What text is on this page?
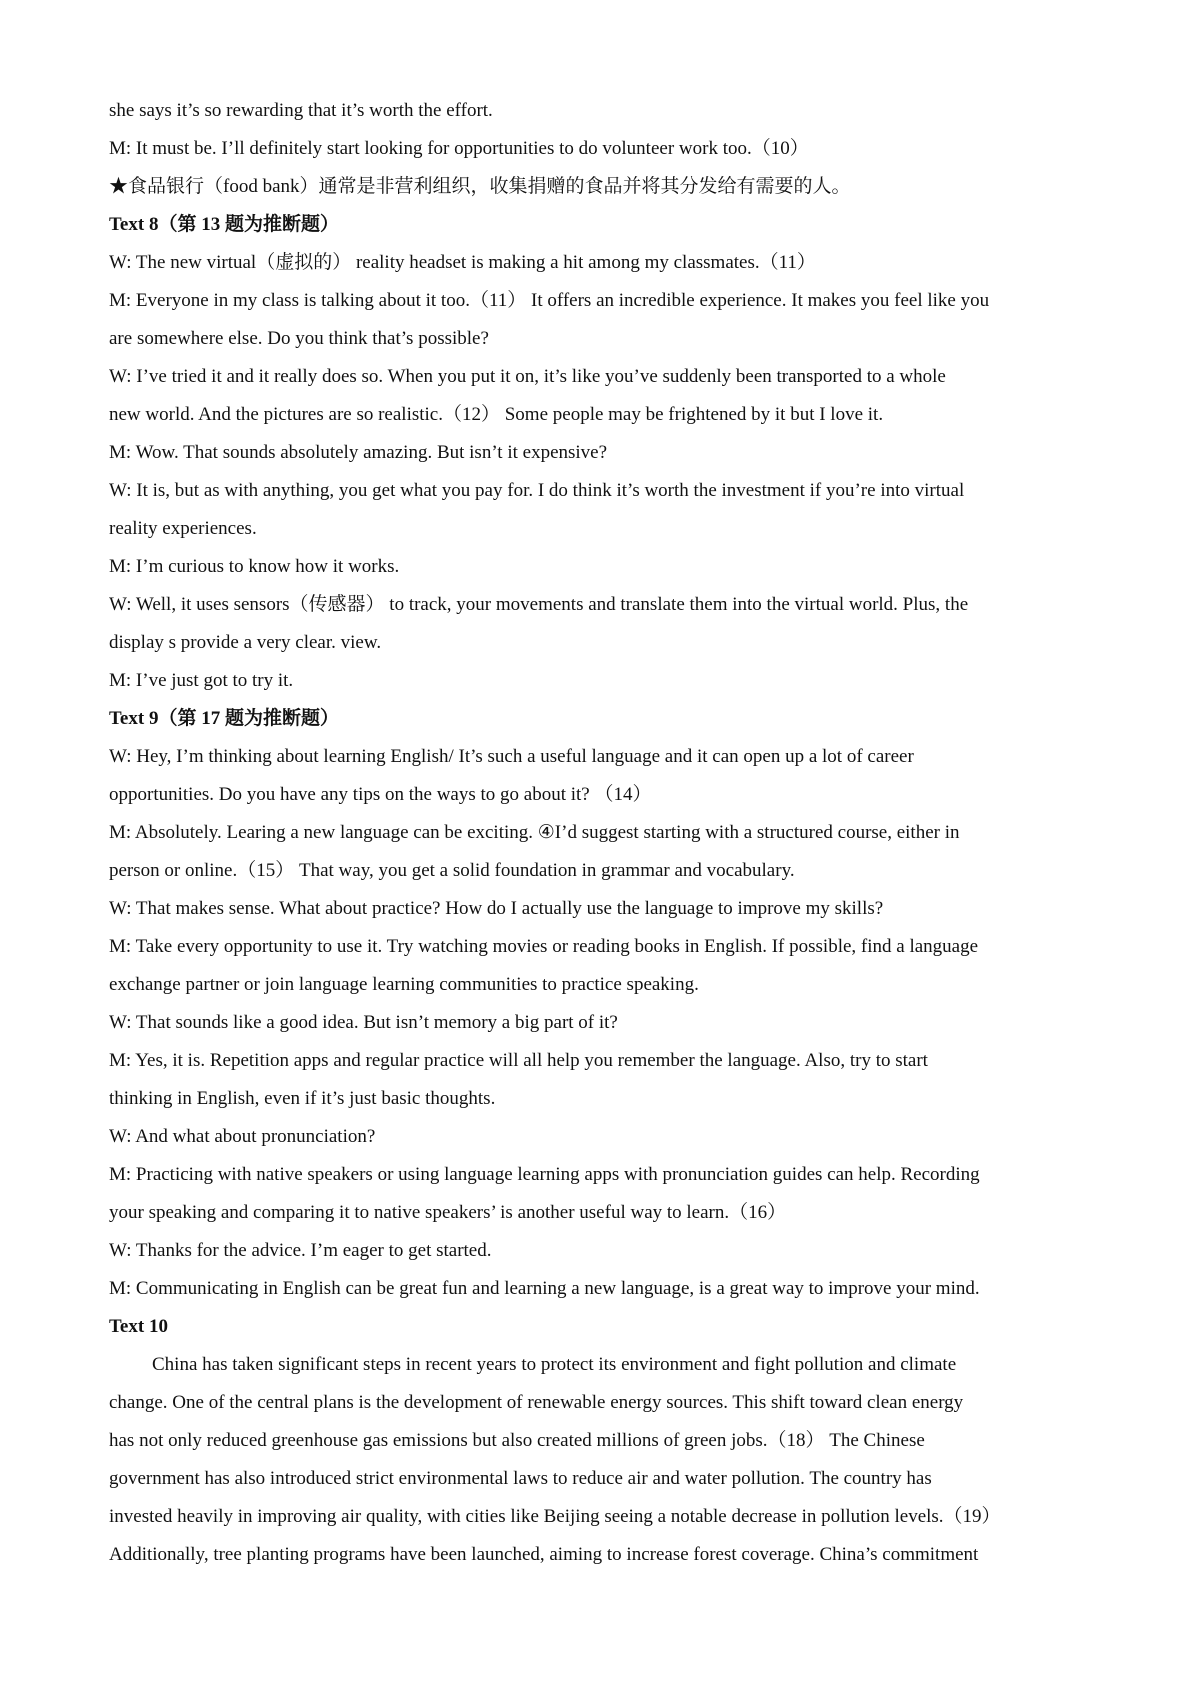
she says it’s so rewarding that it’s worth the effort.
M: It must be. I’ll definitely start looking for opportunities to do volunteer work too.（10）
★食品银行（food bank）通常是非营利组织，收集捐赠的食品并将其分发给有需要的人。
Text 8（第 13 题为推断题）
W: The new virtual（虚拟的） reality headset is making a hit among my classmates.（11）
M: Everyone in my class is talking about it too.（11） It offers an incredible experience. It makes you feel like you
are somewhere else. Do you think that’s possible?
W: I’ve tried it and it really does so. When you put it on, it’s like you’ve suddenly been transported to a whole
new world. And the pictures are so realistic.（12） Some people may be frightened by it but I love it.
M: Wow. That sounds absolutely amazing. But isn’t it expensive?
W: It is, but as with anything, you get what you pay for. I do think it’s worth the investment if you’re into virtual
reality experiences.
M: I’m curious to know how it works.
W: Well, it uses sensors（传感器） to track, your movements and translate them into the virtual world. Plus, the
display s provide a very clear. view.
M: I’ve just got to try it.
Text 9（第 17 题为推断题）
W: Hey, I’m thinking about learning English/ It’s such a useful language and it can open up a lot of career
opportunities. Do you have any tips on the ways to go about it? （14）
M: Absolutely. Learing a new language can be exciting. ④I’d suggest starting with a structured course, either in
person or online.（15） That way, you get a solid foundation in grammar and vocabulary.
W: That makes sense. What about practice? How do I actually use the language to improve my skills?
M: Take every opportunity to use it. Try watching movies or reading books in English. If possible, find a language
exchange partner or join language learning communities to practice speaking.
W: That sounds like a good idea. But isn’t memory a big part of it?
M: Yes, it is. Repetition apps and regular practice will all help you remember the language. Also, try to start
thinking in English, even if it’s just basic thoughts.
W: And what about pronunciation?
M: Practicing with native speakers or using language learning apps with pronunciation guides can help. Recording
your speaking and comparing it to native speakers’ is another useful way to learn.（16）
W: Thanks for the advice. I’m eager to get started.
M: Communicating in English can be great fun and learning a new language, is a great way to improve your mind.
Text 10
China has taken significant steps in recent years to protect its environment and fight pollution and climate
change. One of the central plans is the development of renewable energy sources. This shift toward clean energy
has not only reduced greenhouse gas emissions but also created millions of green jobs.（18） The Chinese
government has also introduced strict environmental laws to reduce air and water pollution. The country has
invested heavily in improving air quality, with cities like Beijing seeing a notable decrease in pollution levels.（19）
Additionally, tree planting programs have been launched, aiming to increase forest coverage. China’s commitment
